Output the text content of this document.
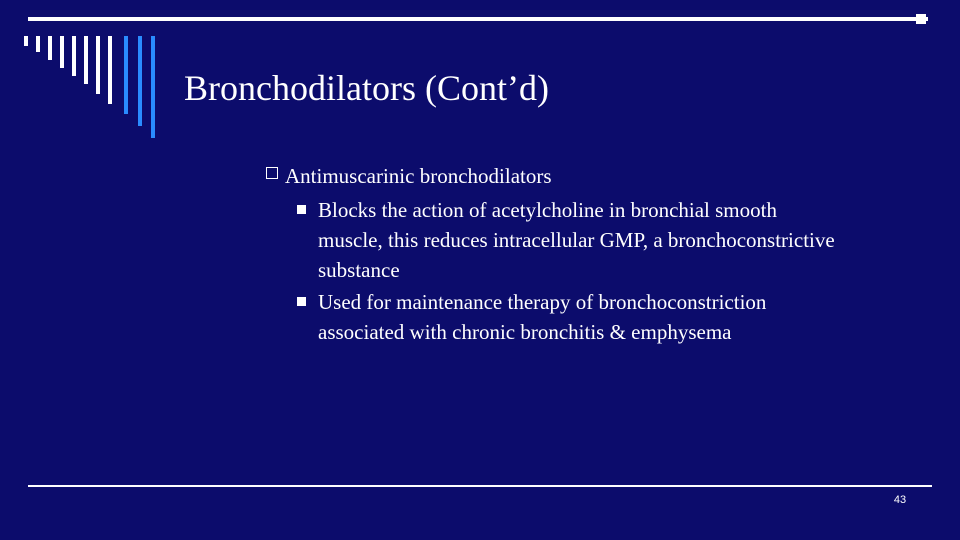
Bronchodilators (Cont’d)
Antimuscarinic bronchodilators
Blocks the action of acetylcholine in bronchial smooth muscle, this reduces intracellular GMP, a bronchoconstrictive substance
Used for maintenance therapy of bronchoconstriction associated with chronic bronchitis & emphysema
43
